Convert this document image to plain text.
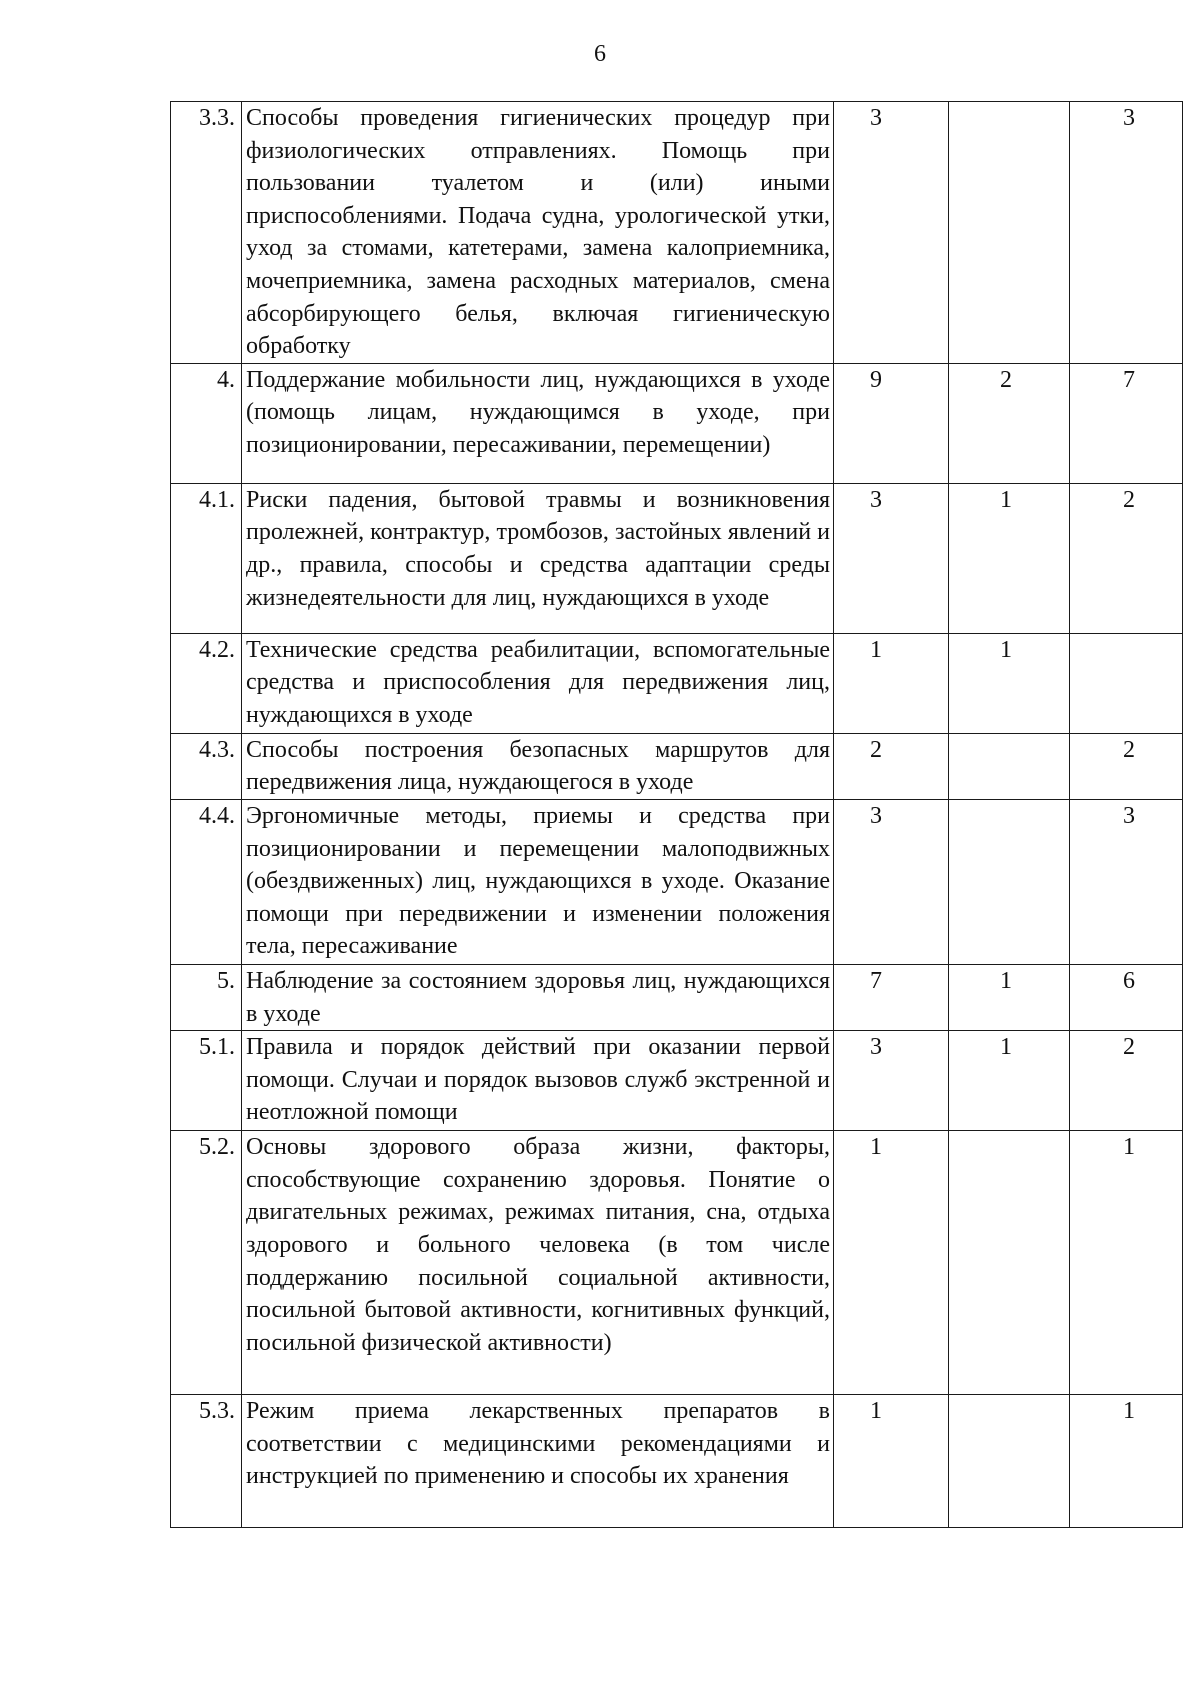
6
3.3.	Способы проведения гигиенических процедур при физиологических отправлениях. Помощь при пользовании туалетом и (или) иными приспособлениями. Подача судна, урологической утки, уход за стомами, катетерами, замена калоприемника, мочеприемника, замена расходных материалов, смена абсорбирующего белья, включая гигиеническую обработку	3		3
4.	Поддержание мобильности лиц, нуждающихся в уходе (помощь лицам, нуждающимся в уходе, при позиционировании, пересаживании, перемещении)	9	2	7
4.1.	Риски падения, бытовой травмы и возникновения пролежней, контрактур, тромбозов, застойных явлений и др., правила, способы и средства адаптации среды жизнедеятельности для лиц, нуждающихся в уходе	3	1	2
4.2.	Технические средства реабилитации, вспомогательные средства и приспособления для передвижения лиц, нуждающихся в уходе	1	1	
4.3.	Способы построения безопасных маршрутов для передвижения лица, нуждающегося в уходе	2		2
4.4.	Эргономичные методы, приемы и средства при позиционировании и перемещении малоподвижных (обездвиженных) лиц, нуждающихся в уходе. Оказание помощи при передвижении и изменении положения тела, пересаживание	3		3
5.	Наблюдение за состоянием здоровья лиц, нуждающихся в уходе	7	1	6
5.1.	Правила и порядок действий при оказании первой помощи. Случаи и порядок вызовов служб экстренной и неотложной помощи	3	1	2
5.2.	Основы здорового образа жизни, факторы, способствующие сохранению здоровья. Понятие о двигательных режимах, режимах питания, сна, отдыха здорового и больного человека (в том числе поддержанию посильной социальной активности, посильной бытовой активности, когнитивных функций, посильной физической активности)	1		1
5.3.	Режим приема лекарственных препаратов в соответствии с медицинскими рекомендациями и инструкцией по применению и способы их хранения	1		1
